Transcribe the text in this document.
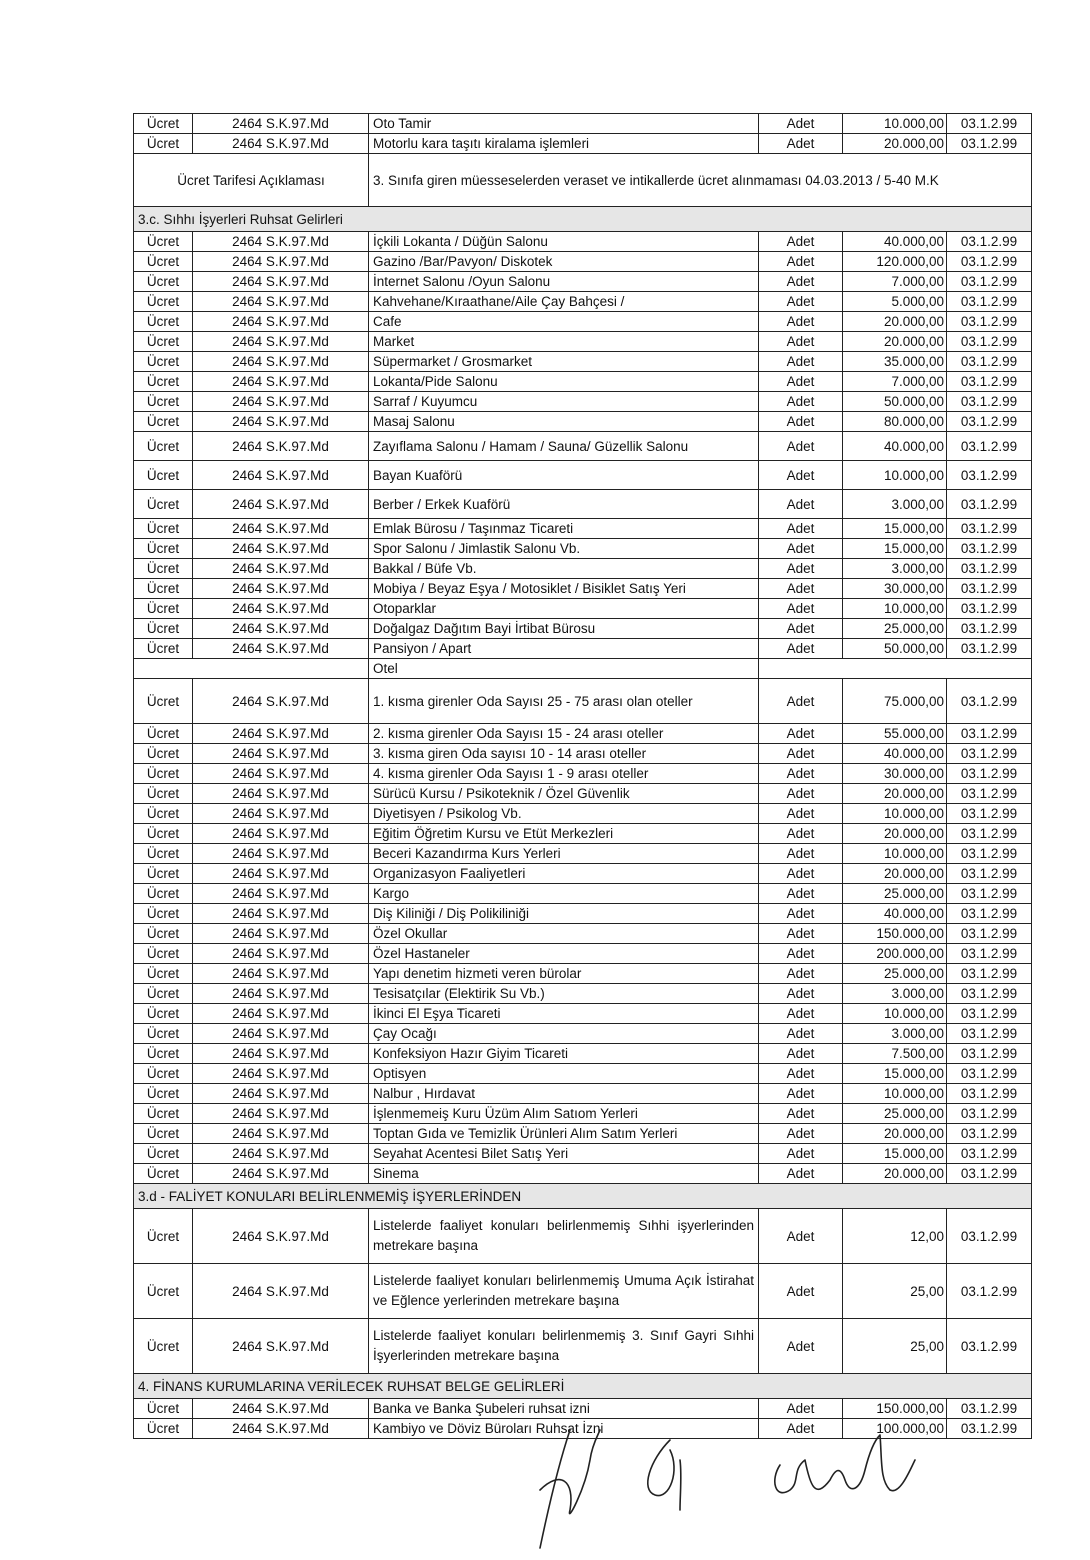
Ücret	2464 S.K.97.Md	Oto Tamir	Adet	10.000,00	03.1.2.99
Ücret	2464 S.K.97.Md	Motorlu kara taşıtı kiralama işlemleri	Adet	20.000,00	03.1.2.99
Ücret Tarifesi Açıklaması		3. Sınıfa giren müesseselerden veraset ve intikallerde ücret alınmaması 04.03.2013 / 5-40 M.K			
3.c. Sıhhı İşyerleri Ruhsat Gelirleri					
Ücret	2464 S.K.97.Md	İçkili Lokanta / Düğün Salonu	Adet	40.000,00	03.1.2.99
Ücret	2464 S.K.97.Md	Gazino /Bar/Pavyon/ Diskotek	Adet	120.000,00	03.1.2.99
Ücret	2464 S.K.97.Md	İnternet Salonu /Oyun Salonu	Adet	7.000,00	03.1.2.99
Ücret	2464 S.K.97.Md	Kahvehane/Kıraathane/Aile Çay Bahçesi /	Adet	5.000,00	03.1.2.99
Ücret	2464 S.K.97.Md	Cafe	Adet	20.000,00	03.1.2.99
Ücret	2464 S.K.97.Md	Market	Adet	20.000,00	03.1.2.99
Ücret	2464 S.K.97.Md	Süpermarket / Grosmarket	Adet	35.000,00	03.1.2.99
Ücret	2464 S.K.97.Md	Lokanta/Pide Salonu	Adet	7.000,00	03.1.2.99
Ücret	2464 S.K.97.Md	Sarraf / Kuyumcu	Adet	50.000,00	03.1.2.99
Ücret	2464 S.K.97.Md	Masaj Salonu	Adet	80.000,00	03.1.2.99
Ücret	2464 S.K.97.Md	Zayıflama Salonu / Hamam / Sauna/ Güzellik Salonu	Adet	40.000,00	03.1.2.99
Ücret	2464 S.K.97.Md	Bayan Kuaförü	Adet	10.000,00	03.1.2.99
Ücret	2464 S.K.97.Md	Berber / Erkek Kuaförü	Adet	3.000,00	03.1.2.99
Ücret	2464 S.K.97.Md	Emlak Bürosu / Taşınmaz Ticareti	Adet	15.000,00	03.1.2.99
Ücret	2464 S.K.97.Md	Spor Salonu / Jimlastik Salonu Vb.	Adet	15.000,00	03.1.2.99
Ücret	2464 S.K.97.Md	Bakkal / Büfe Vb.	Adet	3.000,00	03.1.2.99
Ücret	2464 S.K.97.Md	Mobiya / Beyaz Eşya / Motosiklet / Bisiklet Satış Yeri	Adet	30.000,00	03.1.2.99
Ücret	2464 S.K.97.Md	Otoparklar	Adet	10.000,00	03.1.2.99
Ücret	2464 S.K.97.Md	Doğalgaz Dağıtım Bayi İrtibat Bürosu	Adet	25.000,00	03.1.2.99
Ücret	2464 S.K.97.Md	Pansiyon / Apart	Adet	50.000,00	03.1.2.99
		Otel			
Ücret	2464 S.K.97.Md	1. kısma girenler Oda Sayısı 25 - 75 arası olan oteller	Adet	75.000,00	03.1.2.99
Ücret	2464 S.K.97.Md	2. kısma girenler Oda Sayısı 15 - 24 arası oteller	Adet	55.000,00	03.1.2.99
Ücret	2464 S.K.97.Md	3. kısma giren Oda sayısı 10 - 14 arası oteller	Adet	40.000,00	03.1.2.99
Ücret	2464 S.K.97.Md	4. kısma girenler Oda Sayısı 1 - 9 arası oteller	Adet	30.000,00	03.1.2.99
Ücret	2464 S.K.97.Md	Sürücü Kursu / Psikoteknik / Özel Güvenlik	Adet	20.000,00	03.1.2.99
Ücret	2464 S.K.97.Md	Diyetisyen / Psikolog Vb.	Adet	10.000,00	03.1.2.99
Ücret	2464 S.K.97.Md	Eğitim Öğretim Kursu ve Etüt Merkezleri	Adet	20.000,00	03.1.2.99
Ücret	2464 S.K.97.Md	Beceri Kazandırma Kurs Yerleri	Adet	10.000,00	03.1.2.99
Ücret	2464 S.K.97.Md	Organizasyon Faaliyetleri	Adet	20.000,00	03.1.2.99
Ücret	2464 S.K.97.Md	Kargo	Adet	25.000,00	03.1.2.99
Ücret	2464 S.K.97.Md	Diş Kiliniği / Diş Polikiliniği	Adet	40.000,00	03.1.2.99
Ücret	2464 S.K.97.Md	Özel Okullar	Adet	150.000,00	03.1.2.99
Ücret	2464 S.K.97.Md	Özel Hastaneler	Adet	200.000,00	03.1.2.99
Ücret	2464 S.K.97.Md	Yapı denetim hizmeti veren bürolar	Adet	25.000,00	03.1.2.99
Ücret	2464 S.K.97.Md	Tesisatçılar (Elektirik Su Vb.)	Adet	3.000,00	03.1.2.99
Ücret	2464 S.K.97.Md	İkinci El Eşya Ticareti	Adet	10.000,00	03.1.2.99
Ücret	2464 S.K.97.Md	Çay Ocağı	Adet	3.000,00	03.1.2.99
Ücret	2464 S.K.97.Md	Konfeksiyon Hazır Giyim Ticareti	Adet	7.500,00	03.1.2.99
Ücret	2464 S.K.97.Md	Optisyen	Adet	15.000,00	03.1.2.99
Ücret	2464 S.K.97.Md	Nalbur , Hırdavat	Adet	10.000,00	03.1.2.99
Ücret	2464 S.K.97.Md	İşlenmemeiş Kuru Üzüm Alım Satıom Yerleri	Adet	25.000,00	03.1.2.99
Ücret	2464 S.K.97.Md	Toptan Gıda ve Temizlik Ürünleri Alım Satım Yerleri	Adet	20.000,00	03.1.2.99
Ücret	2464 S.K.97.Md	Seyahat Acentesi Bilet Satış Yeri	Adet	15.000,00	03.1.2.99
Ücret	2464 S.K.97.Md	Sinema	Adet	20.000,00	03.1.2.99
3.d - FALİYET KONULARI BELİRLENMEMİŞ İŞYERLERİNDEN					
Ücret	2464 S.K.97.Md	Listelerde faaliyet konuları belirlenmemiş Sıhhi işyerlerinden metrekare başına	Adet	12,00	03.1.2.99
Ücret	2464 S.K.97.Md	Listelerde faaliyet konuları belirlenmemiş Umuma Açık İstirahat ve Eğlence yerlerinden metrekare başına	Adet	25,00	03.1.2.99
Ücret	2464 S.K.97.Md	Listelerde faaliyet konuları belirlenmemiş 3. Sınıf Gayri Sıhhi İşyerlerinden metrekare başına	Adet	25,00	03.1.2.99
4. FİNANS KURUMLARINA VERİLECEK RUHSAT BELGE GELİRLERİ					
Ücret	2464 S.K.97.Md	Banka ve Banka Şubeleri ruhsat izni	Adet	150.000,00	03.1.2.99
Ücret	2464 S.K.97.Md	Kambiyo ve Döviz Büroları Ruhsat İzni	Adet	100.000,00	03.1.2.99
